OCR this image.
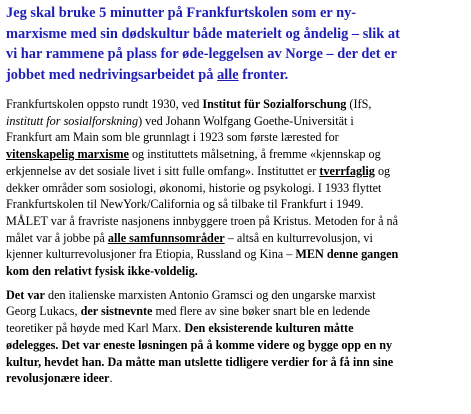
Jeg skal bruke 5 minutter på Frankfurtskolen som er ny-
marxisme med sin dødskultur både materielt og åndelig – slik at
vi har rammene på plass for øde-leggelsen av Norge – der det er
jobbet med nedrivingsarbeidet på alle fronter.

Frankfurtskolen oppsto rundt 1930, ved Institut für Sozialforschung (IfS,
institutt for sosialforskning) ved Johann Wolfgang Goethe-Universität i
Frankfurt am Main som ble grunnlagt i 1923 som første lærested for
vitenskapelig marxisme og instituttets målsetning, å fremme «kjennskap og
erkjennelse av det sosiale livet i sitt fulle omfang». Instituttet er tverrfaglig og
dekker områder som sosiologi, økonomi, historie og psykologi. I 1933 flyttet
Frankfurtskolen til NewYork/California og så tilbake til Frankfurt i 1949.
MÅLET var å fravriste nasjonens innbyggere troen på Kristus. Metoden for å nå
målet var å jobbe på alle samfunnsområder – altså en kulturrevolusjon, vi
kjenner kulturrevolusjoner fra Etiopia, Russland og Kina – MEN denne gangen
kom den relativt fysisk ikke-voldelig.

Det var den italienske marxisten Antonio Gramsci og den ungarske marxist
Georg Lukacs, der sistnevnte med flere av sine bøker snart ble en ledende
teoretiker på høyde med Karl Marx. Den eksisterende kulturen måtte
ødelegges. Det var eneste løsningen på å komme videre og bygge opp en ny
kultur, hevdet han. Da måtte man utslette tidligere verdier for å få inn sine
revolusjonære ideer.
